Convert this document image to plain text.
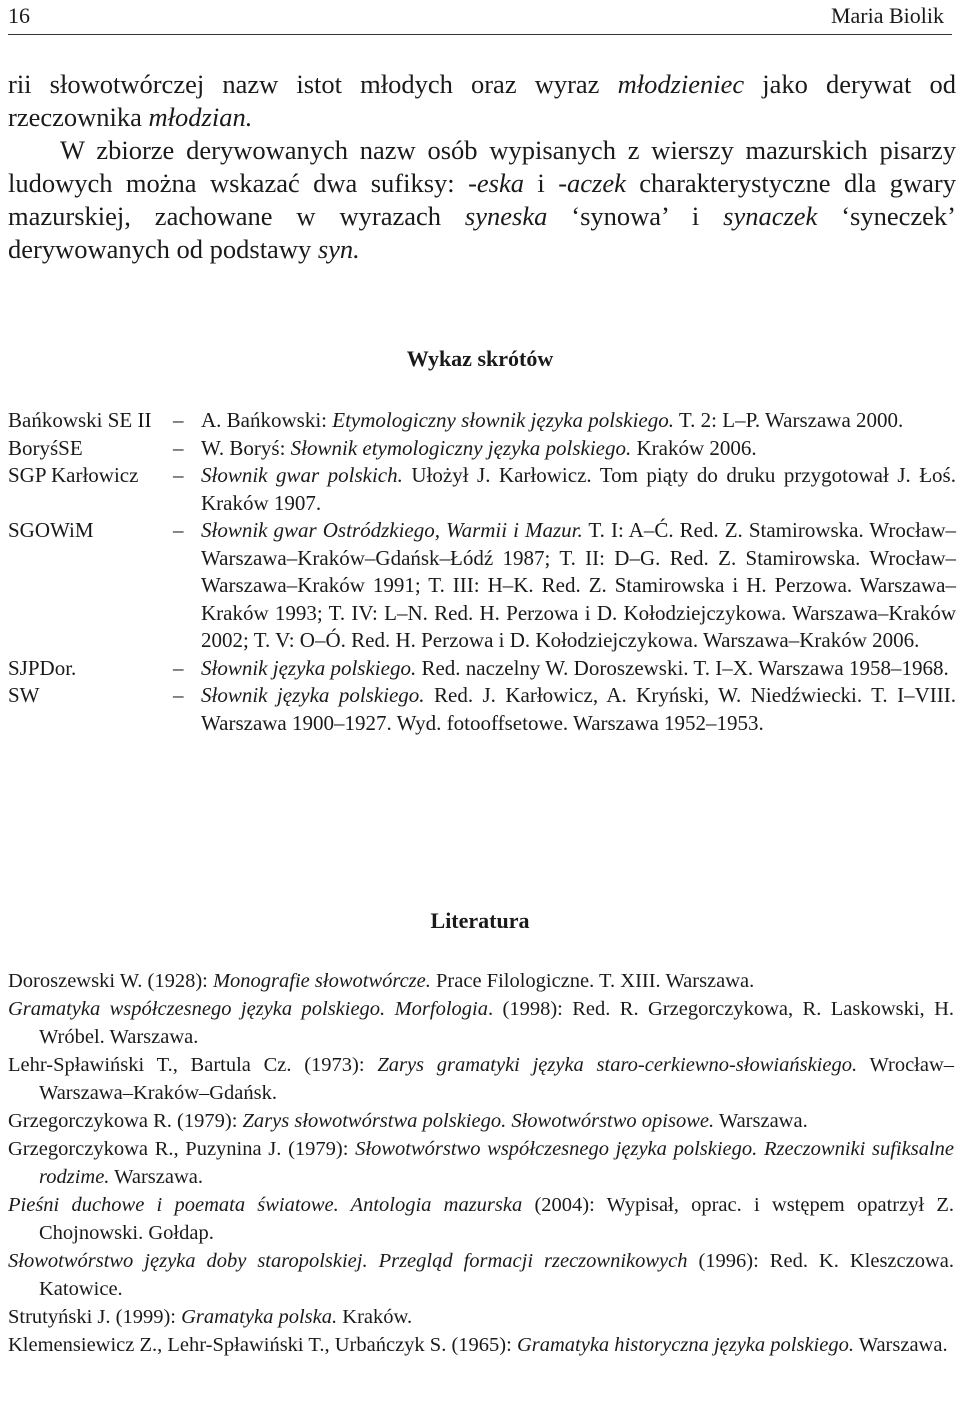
16	Maria Biolik

rii słowotwórczej nazw istot młodych oraz wyraz młodzieniec jako derywat od rzeczownika młodzian.

W zbiorze derywowanych nazw osób wypisanych z wierszy mazurskich pisarzy ludowych można wskazać dwa sufiksy: -eska i -aczek charakterystyczne dla gwary mazurskiej, zachowane w wyrazach syneska ‘synowa’ i synaczek ‘syneczek’ derywowanych od podstawy syn.

Wykaz skrótów
Bańkowski SE II	– A. Bańkowski: Etymologiczny słownik języka polskiego. T. 2: L–P. Warszawa 2000.
BoryśSE	– W. Boryś: Słownik etymologiczny języka polskiego. Kraków 2006.
SGP Karłowicz	– Słownik gwar polskich. Ułożył J. Karłowicz. Tom piąty do druku przygotował J. Łoś. Kraków 1907.
SGOWiM	– Słownik gwar Ostródzkiego, Warmii i Mazur. T. I: A–Ć. Red. Z. Stamirowska. Wrocław–Warszawa–Kraków–Gdańsk–Łódź 1987; T. II: D–G. Red. Z. Stamirowska. Wrocław–Warszawa–Kraków 1991; T. III: H–K. Red. Z. Stamirowska i H. Perzowa. Warszawa–Kraków 1993; T. IV: L–N. Red. H. Perzowa i D. Kołodziejczykowa. Warszawa–Kraków 2002; T. V: O–Ó. Red. H. Perzowa i D. Kołodziejczykowa. Warszawa–Kraków 2006.
SJPDor.	– Słownik języka polskiego. Red. naczelny W. Doroszewski. T. I–X. Warszawa 1958–1968.
SW	– Słownik języka polskiego. Red. J. Karłowicz, A. Kryński, W. Niedźwiecki. T. I–VIII. Warszawa 1900–1927. Wyd. fotooffsetowe. Warszawa 1952–1953.
Literatura
Doroszewski W. (1928): Monografie słowotwórcze. Prace Filologiczne. T. XIII. Warszawa.
Gramatyka współczesnego języka polskiego. Morfologia. (1998): Red. R. Grzegorczykowa, R. Laskowski, H. Wróbel. Warszawa.
Lehr-Spławiński T., Bartula Cz. (1973): Zarys gramatyki języka staro-cerkiewno-słowiańskiego. Wrocław–Warszawa–Kraków–Gdańsk.
Grzegorczykowa R. (1979): Zarys słowotwórstwa polskiego. Słowotwórstwo opisowe. Warszawa.
Grzegorczykowa R., Puzynina J. (1979): Słowotwórstwo współczesnego języka polskiego. Rzeczowniki sufiksalne rodzime. Warszawa.
Pieśni duchowe i poemata światowe. Antologia mazurska (2004): Wypisał, oprac. i wstępem opatrzył Z. Chojnowski. Gołdap.
Słowotwórstwo języka doby staropolskiej. Przegląd formacji rzeczownikowych (1996): Red. K. Kleszczowa. Katowice.
Strutyński J. (1999): Gramatyka polska. Kraków.
Klemensiewicz Z., Lehr-Spławiński T., Urbańczyk S. (1965): Gramatyka historyczna języka polskiego. Warszawa.
